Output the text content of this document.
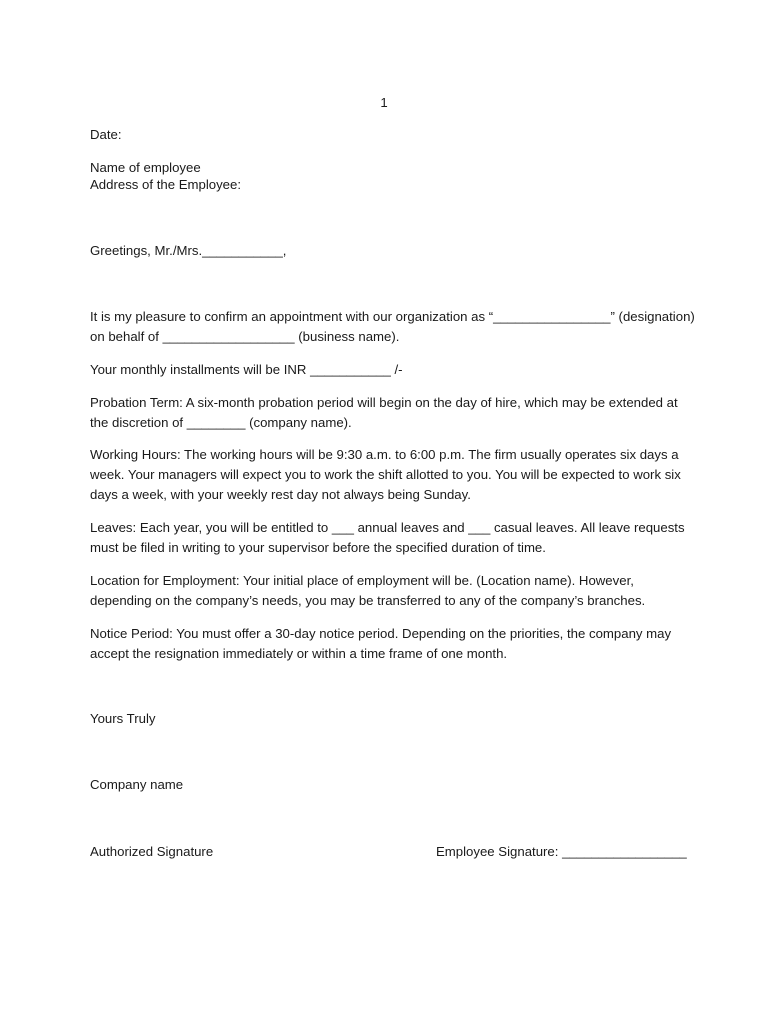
1
Date:
Name of employee
Address of the Employee:
Greetings, Mr./Mrs.___________,
It is my pleasure to confirm an appointment with our organization as “________________” (designation)
on behalf of __________________ (business name).
Your monthly installments will be INR ___________ /-
Probation Term: A six-month probation period will begin on the day of hire, which may be extended at
the discretion of ________ (company name).
Working Hours: The working hours will be 9:30 a.m. to 6:00 p.m. The firm usually operates six days a
week. Your managers will expect you to work the shift allotted to you. You will be expected to work six
days a week, with your weekly rest day not always being Sunday.
Leaves: Each year, you will be entitled to ___ annual leaves and ___ casual leaves. All leave requests
must be filed in writing to your supervisor before the specified duration of time.
Location for Employment: Your initial place of employment will be. (Location name). However,
depending on the company’s needs, you may be transferred to any of the company’s branches.
Notice Period: You must offer a 30-day notice period. Depending on the priorities, the company may
accept the resignation immediately or within a time frame of one month.
Yours Truly
Company name
Authorized Signature	Employee Signature: _________________
